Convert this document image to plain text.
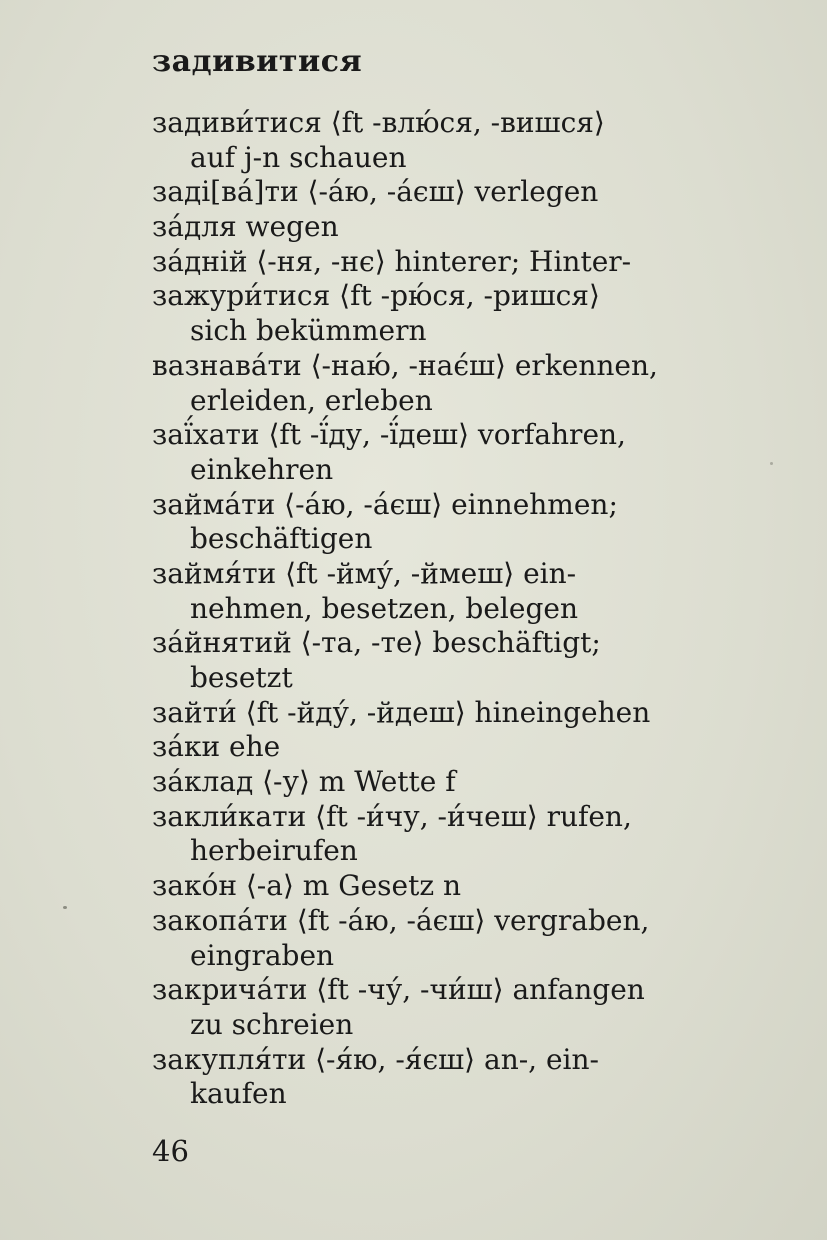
задивитися
задиви́тися ⟨ft -влю́ся, -вишся⟩
auf j-n schauen
заді[ва́]ти ⟨-а́ю, -а́єш⟩ verlegen
за́для wegen
за́дній ⟨-ня, -нє⟩ hinterer; Hinter-
зажури́тися ⟨ft -рю́ся, -ришся⟩
sich bekümmern
вазнава́ти ⟨-наю́, -нає́ш⟩ erkennen,
erleiden, erleben
заї́хати ⟨ft -ї́ду, -ї́деш⟩ vorfahren,
einkehren
займа́ти ⟨-а́ю, -а́єш⟩ einnehmen;
beschäftigen
займя́ти ⟨ft -йму́, -ймеш⟩ ein-
nehmen, besetzen, belegen
за́йнятий ⟨-та, -те⟩ beschäftigt;
besetzt
зайти́ ⟨ft -йду́, -йдеш⟩ hineingehen
за́ки ehe
за́клад ⟨-у⟩ m Wette f
закли́кати ⟨ft -и́чу, -и́чеш⟩ rufen,
herbeirufen
зако́н ⟨-а⟩ m Gesetz n
закопа́ти ⟨ft -а́ю, -а́єш⟩ vergraben,
eingraben
закрича́ти ⟨ft -чу́, -чи́ш⟩ anfangen
zu schreien
закупля́ти ⟨-я́ю, -я́єш⟩ an-, ein-
kaufen
46
